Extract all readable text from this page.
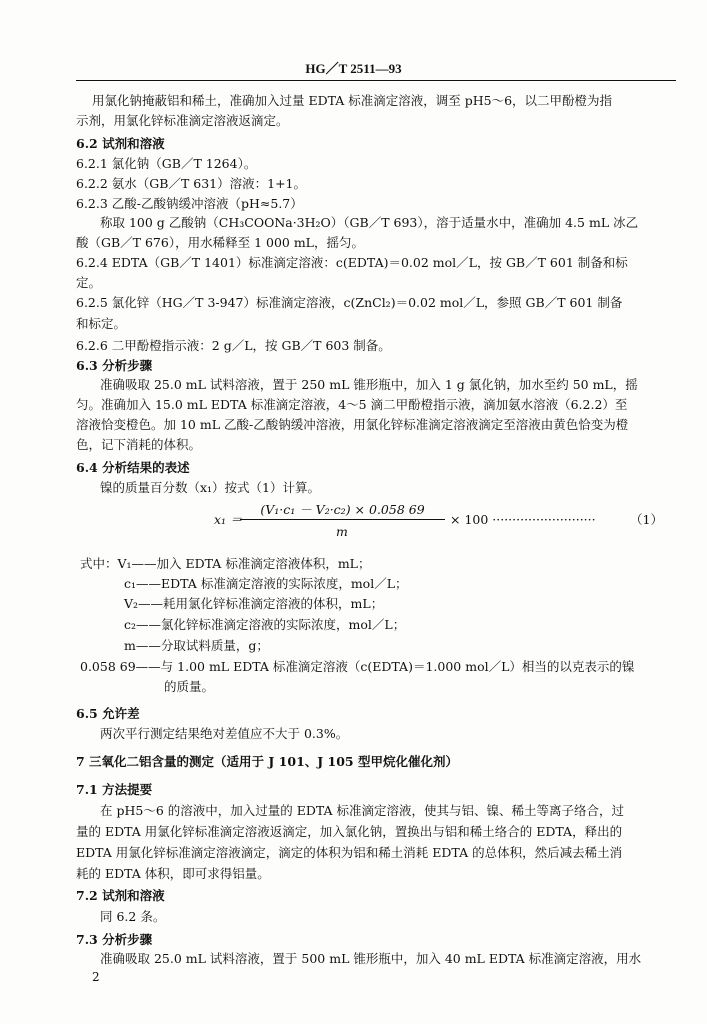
HG／T 2511—93
用氯化钠掩蔽铝和稀土，准确加入过量 EDTA 标准滴定溶液，调至 pH5～6，以二甲酚橙为指
示剂，用氯化锌标准滴定溶液返滴定。
6.2 试剂和溶液
6.2.1 氯化钠（GB／T 1264）。
6.2.2 氨水（GB／T 631）溶液：1+1。
6.2.3 乙酸-乙酸钠缓冲溶液（pH≈5.7）
称取 100 g 乙酸钠（CH₃COONa·3H₂O）（GB／T 693），溶于适量水中，准确加 4.5 mL 冰乙
酸（GB／T 676），用水稀释至 1 000 mL，摇匀。
6.2.4 EDTA（GB／T 1401）标准滴定溶液：c(EDTA)＝0.02 mol／L，按 GB／T 601 制备和标
定。
6.2.5 氯化锌（HG／T 3-947）标准滴定溶液，c(ZnCl₂)＝0.02 mol／L，参照 GB／T 601 制备
和标定。
6.2.6 二甲酚橙指示液：2 g／L，按 GB／T 603 制备。
6.3 分析步骤
准确吸取 25.0 mL 试料溶液，置于 250 mL 锥形瓶中，加入 1 g 氯化钠，加水至约 50 mL，摇
匀。准确加入 15.0 mL EDTA 标准滴定溶液，4～5 滴二甲酚橙指示液，滴加氨水溶液（6.2.2）至
溶液恰变橙色。加 10 mL 乙酸-乙酸钠缓冲溶液，用氯化锌标准滴定溶液滴定至溶液由黄色恰变为橙
色，记下消耗的体积。
6.4 分析结果的表述
镍的质量百分数（x₁）按式（1）计算。
x₁ ＝
(V₁·c₁ － V₂·c₂) × 0.058 69
m
× 100 ··························	（1）
式中：V₁——加入 EDTA 标准滴定溶液体积，mL；
c₁——EDTA 标准滴定溶液的实际浓度，mol／L；
V₂——耗用氯化锌标准滴定溶液的体积，mL；
c₂——氯化锌标准滴定溶液的实际浓度，mol／L；
m——分取试料质量，g；
0.058 69——与 1.00 mL EDTA 标准滴定溶液（c(EDTA)＝1.000 mol／L）相当的以克表示的镍
的质量。
6.5 允许差
两次平行测定结果绝对差值应不大于 0.3%。
7 三氧化二铝含量的测定（适用于 J 101、J 105 型甲烷化催化剂）
7.1 方法提要
在 pH5～6 的溶液中，加入过量的 EDTA 标准滴定溶液，使其与铝、镍、稀土等离子络合，过
量的 EDTA 用氯化锌标准滴定溶液返滴定，加入氯化钠，置换出与铝和稀土络合的 EDTA，释出的
EDTA 用氯化锌标准滴定溶液滴定，滴定的体积为铝和稀土消耗 EDTA 的总体积，然后减去稀土消
耗的 EDTA 体积，即可求得铝量。
7.2 试剂和溶液
同 6.2 条。
7.3 分析步骤
准确吸取 25.0 mL 试料溶液，置于 500 mL 锥形瓶中，加入 40 mL EDTA 标准滴定溶液，用水
2
